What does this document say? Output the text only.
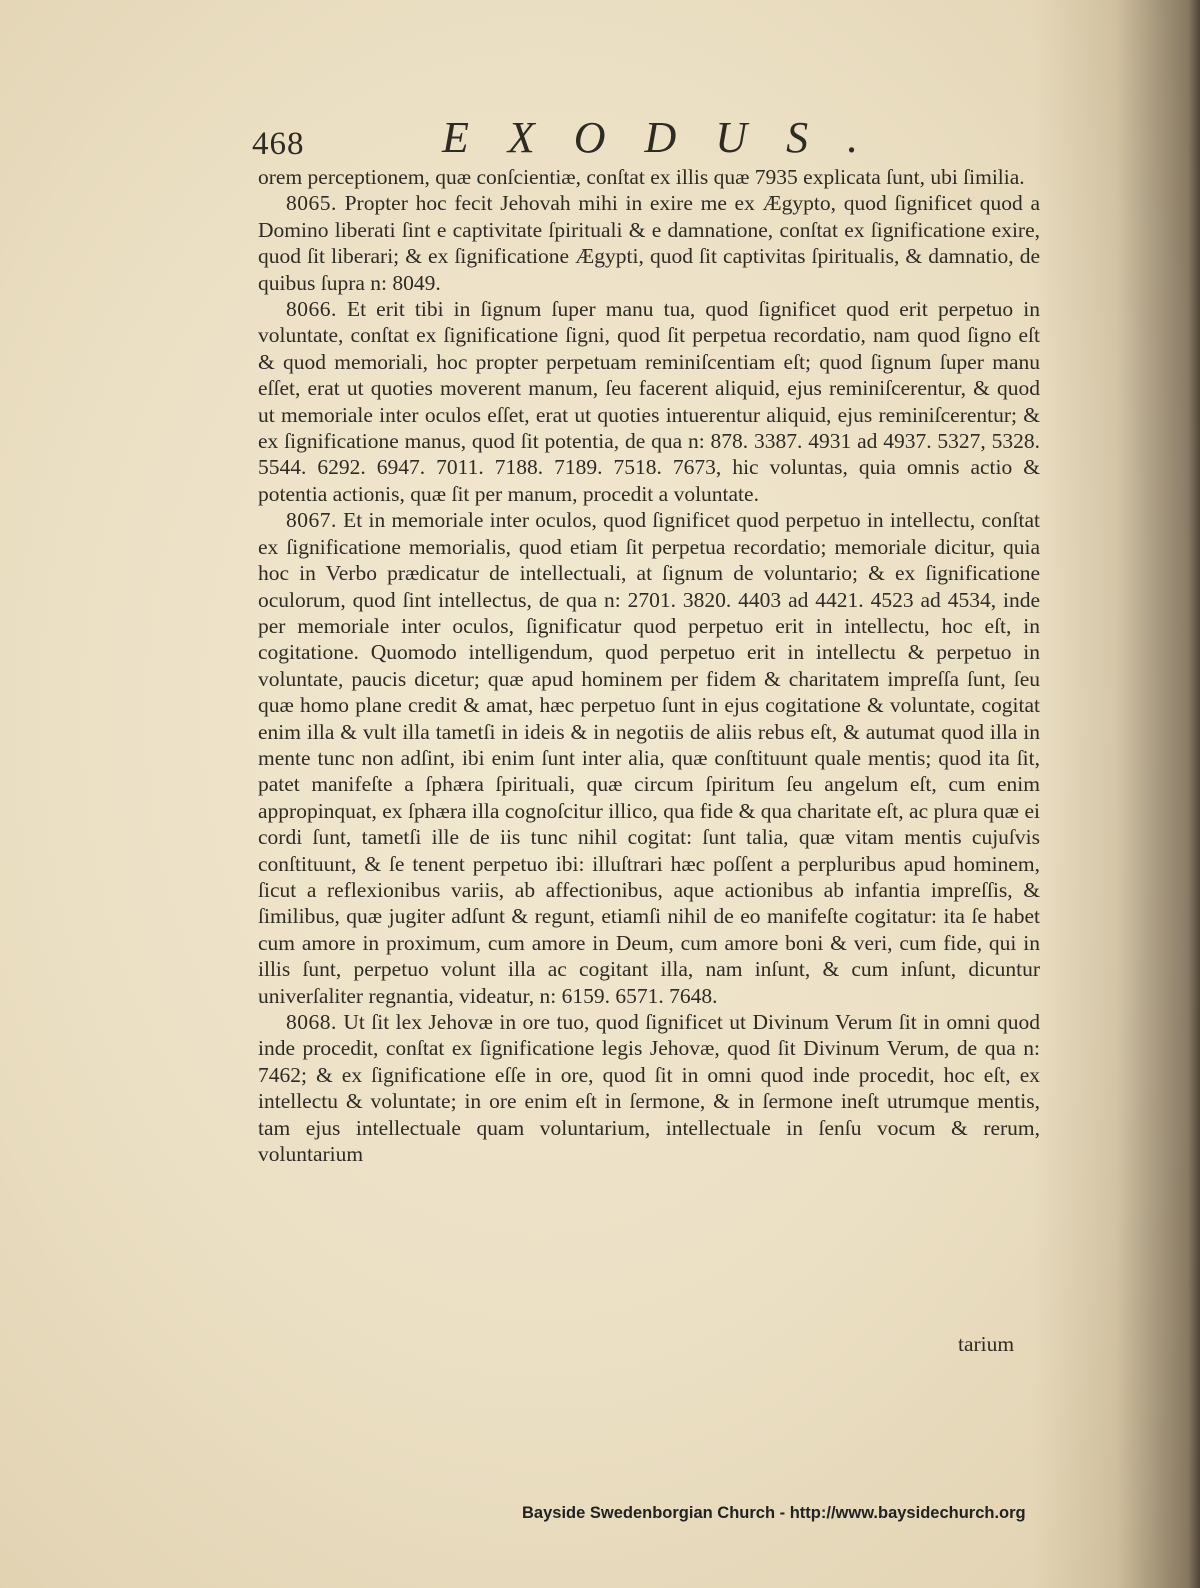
468	EXODUS.

orem perceptionem, quæ conſcientiæ, conſtat ex illis quæ 7935 explicata ſunt, ubi ſimilia.

8065. Propter hoc fecit Jehovah mihi in exire me ex Ægypto, quod ſignificet quod a Domino liberati ſint e captivitate ſpirituali & e damnatione, conſtat ex ſignificatione exire, quod ſit liberari; & ex ſignificatione Ægypti, quod ſit captivitas ſpiritualis, & damnatio, de quibus ſupra n: 8049.

8066. Et erit tibi in ſignum ſuper manu tua, quod ſignificet quod erit perpetuo in voluntate, conſtat ex ſignificatione ſigni, quod ſit perpetua recordatio, nam quod ſigno eſt & quod memoriali, hoc propter perpetuam reminiſcentiam eſt; quod ſignum ſuper manu eſſet, erat ut quoties moverent manum, ſeu facerent aliquid, ejus reminiſcerentur, & quod ut memoriale inter oculos eſſet, erat ut quoties intuerentur aliquid, ejus reminiſcerentur; & ex ſignificatione manus, quod ſit potentia, de qua n: 878. 3387. 4931 ad 4937. 5327, 5328. 5544. 6292. 6947. 7011. 7188. 7189. 7518. 7673, hic voluntas, quia omnis actio & potentia actionis, quæ ſit per manum, procedit a voluntate.

8067. Et in memoriale inter oculos, quod ſignificet quod perpetuo in intellectu, conſtat ex ſignificatione memorialis, quod etiam ſit perpetua recordatio; memoriale dicitur, quia hoc in Verbo prædicatur de intellectuali, at ſignum de voluntario; & ex ſignificatione oculorum, quod ſint intellectus, de qua n: 2701. 3820. 4403 ad 4421. 4523 ad 4534, inde per memoriale inter oculos, ſignificatur quod perpetuo erit in intellectu, hoc eſt, in cogitatione. Quomodo intelligendum, quod perpetuo erit in intellectu & perpetuo in voluntate, paucis dicetur; quæ apud hominem per fidem & charitatem impreſſa ſunt, ſeu quæ homo plane credit & amat, hæc perpetuo ſunt in ejus cogitatione & voluntate, cogitat enim illa & vult illa tametſi in ideis & in negotiis de aliis rebus eſt, & autumat quod illa in mente tunc non adſint, ibi enim ſunt inter alia, quæ conſtituunt quale mentis; quod ita ſit, patet manifeſte a ſphæra ſpirituali, quæ circum ſpiritum ſeu angelum eſt, cum enim appropinquat, ex ſphæra illa cognoſcitur illico, qua fide & qua charitate eſt, ac plura quæ ei cordi ſunt, tametſi ille de iis tunc nihil cogitat: ſunt talia, quæ vitam mentis cujuſvis conſtituunt, & ſe tenent perpetuo ibi: illuſtrari hæc poſſent a perpluribus apud hominem, ſicut a reflexionibus variis, ab affectionibus, aque actionibus ab infantia impreſſis, & ſimilibus, quæ jugiter adſunt & regunt, etiamſi nihil de eo manifeſte cogitatur: ita ſe habet cum amore in proximum, cum amore in Deum, cum amore boni & veri, cum fide, qui in illis ſunt, perpetuo volunt illa ac cogitant illa, nam inſunt, & cum inſunt, dicuntur univerſaliter regnantia, videatur, n: 6159. 6571. 7648.

8068. Ut ſit lex Jehovæ in ore tuo, quod ſignificet ut Divinum Verum ſit in omni quod inde procedit, conſtat ex ſignificatione legis Jehovæ, quod ſit Divinum Verum, de qua n: 7462; & ex ſignificatione eſſe in ore, quod ſit in omni quod inde procedit, hoc eſt, ex intellectu & voluntate; in ore enim eſt in ſermone, & in ſermone ineſt utrumque mentis, tam ejus intellectuale quam voluntarium, intellectuale in ſenſu vocum & rerum, voluntarium

tarium
Bayside Swedenborgian Church - http://www.baysidechurch.org
